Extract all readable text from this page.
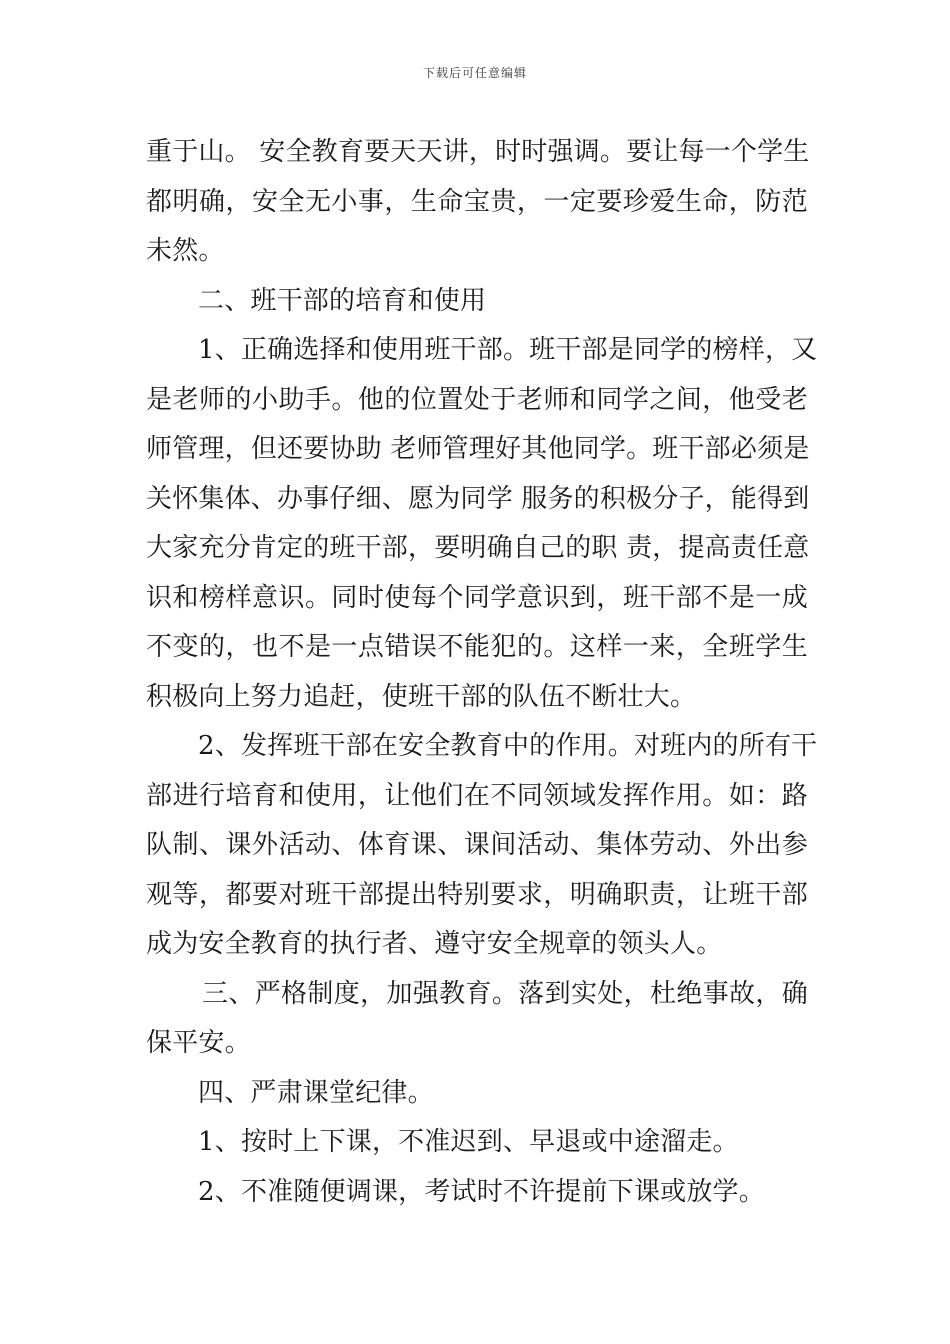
下载后可任意编辑
重于山。 安全教育要天天讲，时时强调。要让每一个学生
都明确，安全无小事，生命宝贵，一定要珍爱生命，防范
未然。
二、班干部的培育和使用
1、正确选择和使用班干部。班干部是同学的榜样，又
是老师的小助手。他的位置处于老师和同学之间，他受老
师管理，但还要协助 老师管理好其他同学。班干部必须是
关怀集体、办事仔细、愿为同学 服务的积极分子，能得到
大家充分肯定的班干部，要明确自己的职 责，提高责任意
识和榜样意识。同时使每个同学意识到，班干部不是一成
不变的，也不是一点错误不能犯的。这样一来，全班学生
积极向上努力追赶，使班干部的队伍不断壮大。
2、发挥班干部在安全教育中的作用。对班内的所有干
部进行培育和使用，让他们在不同领域发挥作用。如：路
队制、课外活动、体育课、课间活动、集体劳动、外出参
观等，都要对班干部提出特别要求，明确职责，让班干部
成为安全教育的执行者、遵守安全规章的领头人。
三、严格制度，加强教育。落到实处，杜绝事故，确
保平安。
四、严肃课堂纪律。
1、按时上下课，不准迟到、早退或中途溜走。
2、不准随便调课，考试时不许提前下课或放学。
